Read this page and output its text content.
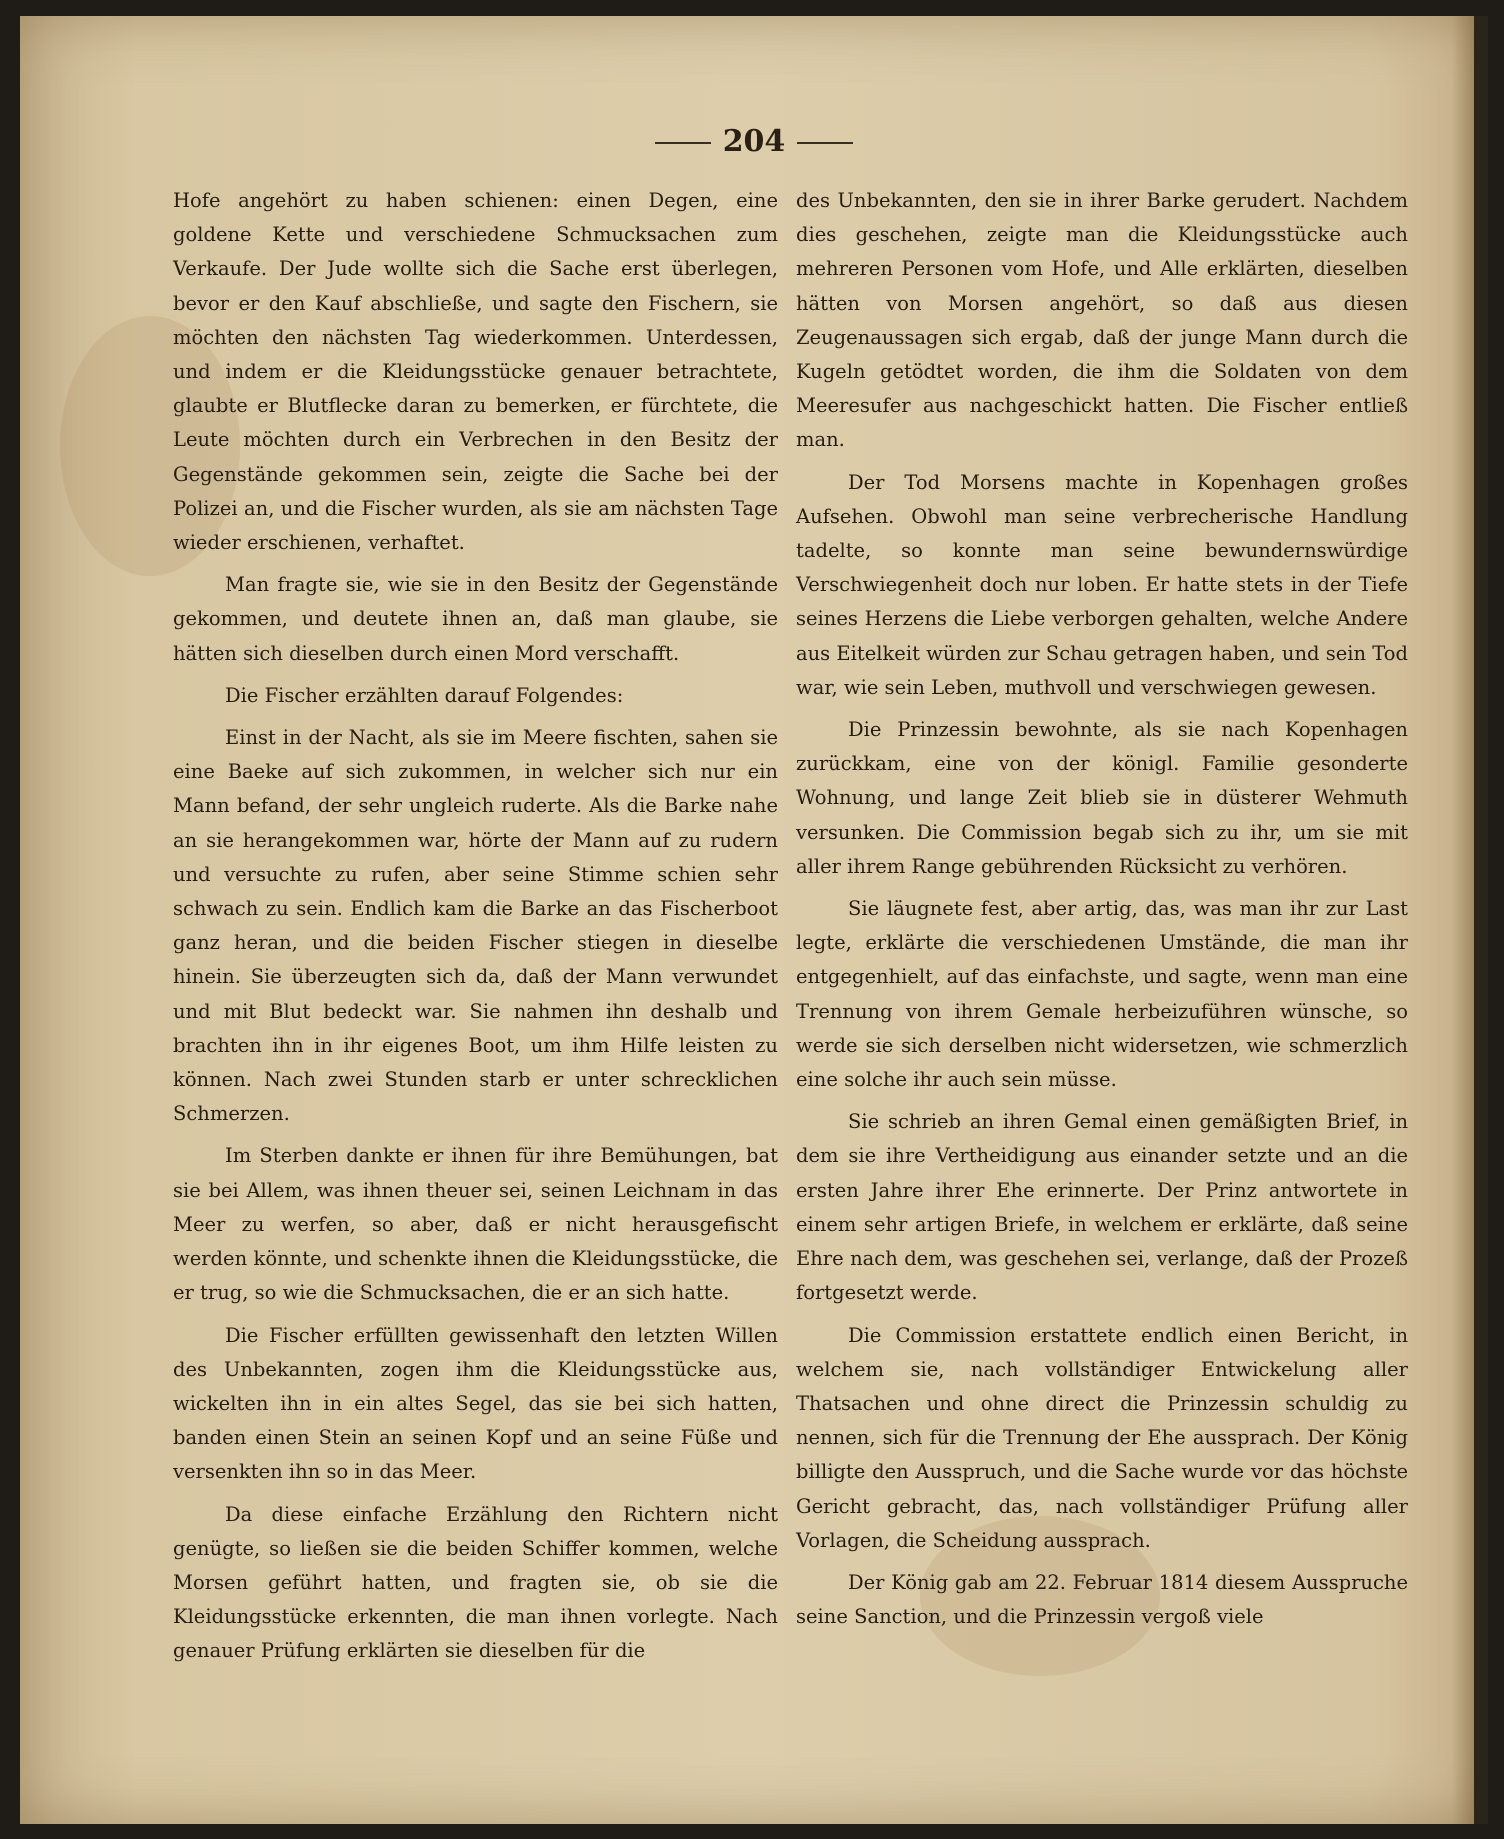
204

Hofe angehört zu haben schienen: einen Degen, eine goldene Kette und verschiedene Schmucksachen zum Verkaufe. Der Jude wollte sich die Sache erst überlegen, bevor er den Kauf abschließe, und sagte den Fischern, sie möchten den nächsten Tag wiederkommen. Unterdessen, und indem er die Kleidungsstücke genauer betrachtete, glaubte er Blutflecke daran zu bemerken, er fürchtete, die Leute möchten durch ein Verbrechen in den Besitz der Gegenstände gekommen sein, zeigte die Sache bei der Polizei an, und die Fischer wurden, als sie am nächsten Tage wieder erschienen, verhaftet.

Man fragte sie, wie sie in den Besitz der Gegenstände gekommen, und deutete ihnen an, daß man glaube, sie hätten sich dieselben durch einen Mord verschafft.

Die Fischer erzählten darauf Folgendes:

Einst in der Nacht, als sie im Meere fischten, sahen sie eine Baeke auf sich zukommen, in welcher sich nur ein Mann befand, der sehr ungleich ruderte. Als die Barke nahe an sie herangekommen war, hörte der Mann auf zu rudern und versuchte zu rufen, aber seine Stimme schien sehr schwach zu sein. Endlich kam die Barke an das Fischerboot ganz heran, und die beiden Fischer stiegen in dieselbe hinein. Sie überzeugten sich da, daß der Mann verwundet und mit Blut bedeckt war. Sie nahmen ihn deshalb und brachten ihn in ihr eigenes Boot, um ihm Hilfe leisten zu können. Nach zwei Stunden starb er unter schrecklichen Schmerzen.

Im Sterben dankte er ihnen für ihre Bemühungen, bat sie bei Allem, was ihnen theuer sei, seinen Leichnam in das Meer zu werfen, so aber, daß er nicht herausgefischt werden könnte, und schenkte ihnen die Kleidungsstücke, die er trug, so wie die Schmucksachen, die er an sich hatte.

Die Fischer erfüllten gewissenhaft den letzten Willen des Unbekannten, zogen ihm die Kleidungsstücke aus, wickelten ihn in ein altes Segel, das sie bei sich hatten, banden einen Stein an seinen Kopf und an seine Füße und versenkten ihn so in das Meer.

Da diese einfache Erzählung den Richtern nicht genügte, so ließen sie die beiden Schiffer kommen, welche Morsen geführt hatten, und fragten sie, ob sie die Kleidungsstücke erkennten, die man ihnen vorlegte. Nach genauer Prüfung erklärten sie dieselben für die

des Unbekannten, den sie in ihrer Barke gerudert. Nachdem dies geschehen, zeigte man die Kleidungsstücke auch mehreren Personen vom Hofe, und Alle erklärten, dieselben hätten von Morsen angehört, so daß aus diesen Zeugenaussagen sich ergab, daß der junge Mann durch die Kugeln getödtet worden, die ihm die Soldaten von dem Meeresufer aus nachgeschickt hatten. Die Fischer entließ man.

Der Tod Morsens machte in Kopenhagen großes Aufsehen. Obwohl man seine verbrecherische Handlung tadelte, so konnte man seine bewundernswürdige Verschwiegenheit doch nur loben. Er hatte stets in der Tiefe seines Herzens die Liebe verborgen gehalten, welche Andere aus Eitelkeit würden zur Schau getragen haben, und sein Tod war, wie sein Leben, muthvoll und verschwiegen gewesen.

Die Prinzessin bewohnte, als sie nach Kopenhagen zurückkam, eine von der königl. Familie gesonderte Wohnung, und lange Zeit blieb sie in düsterer Wehmuth versunken. Die Commission begab sich zu ihr, um sie mit aller ihrem Range gebührenden Rücksicht zu verhören.

Sie läugnete fest, aber artig, das, was man ihr zur Last legte, erklärte die verschiedenen Umstände, die man ihr entgegenhielt, auf das einfachste, und sagte, wenn man eine Trennung von ihrem Gemale herbeizuführen wünsche, so werde sie sich derselben nicht widersetzen, wie schmerzlich eine solche ihr auch sein müsse.

Sie schrieb an ihren Gemal einen gemäßigten Brief, in dem sie ihre Vertheidigung aus einander setzte und an die ersten Jahre ihrer Ehe erinnerte. Der Prinz antwortete in einem sehr artigen Briefe, in welchem er erklärte, daß seine Ehre nach dem, was geschehen sei, verlange, daß der Prozeß fortgesetzt werde.

Die Commission erstattete endlich einen Bericht, in welchem sie, nach vollständiger Entwickelung aller Thatsachen und ohne direct die Prinzessin schuldig zu nennen, sich für die Trennung der Ehe aussprach. Der König billigte den Ausspruch, und die Sache wurde vor das höchste Gericht gebracht, das, nach vollständiger Prüfung aller Vorlagen, die Scheidung aussprach.

Der König gab am 22. Februar 1814 diesem Ausspruche seine Sanction, und die Prinzessin vergoß viele
